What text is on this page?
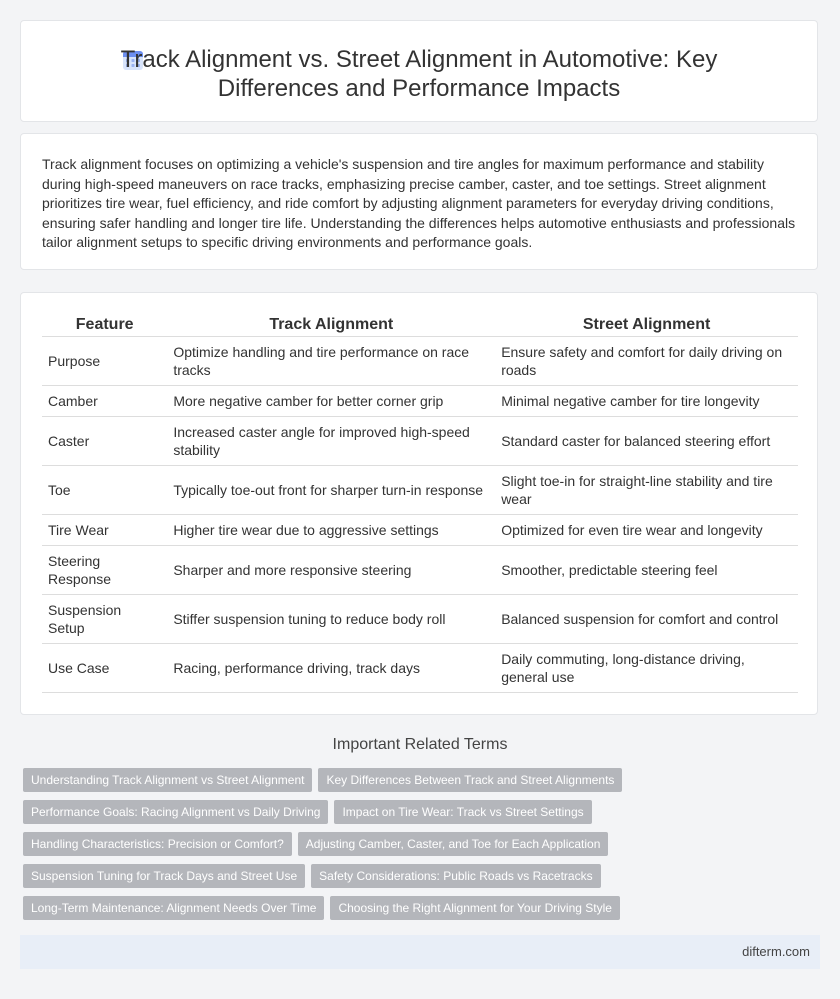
Track Alignment vs. Street Alignment in Automotive: Key Differences and Performance Impacts
Track alignment focuses on optimizing a vehicle's suspension and tire angles for maximum performance and stability during high-speed maneuvers on race tracks, emphasizing precise camber, caster, and toe settings. Street alignment prioritizes tire wear, fuel efficiency, and ride comfort by adjusting alignment parameters for everyday driving conditions, ensuring safer handling and longer tire life. Understanding the differences helps automotive enthusiasts and professionals tailor alignment setups to specific driving environments and performance goals.
Feature	Track Alignment	Street Alignment
Purpose	Optimize handling and tire performance on race tracks	Ensure safety and comfort for daily driving on roads
Camber	More negative camber for better corner grip	Minimal negative camber for tire longevity
Caster	Increased caster angle for improved high-speed stability	Standard caster for balanced steering effort
Toe	Typically toe-out front for sharper turn-in response	Slight toe-in for straight-line stability and tire wear
Tire Wear	Higher tire wear due to aggressive settings	Optimized for even tire wear and longevity
Steering Response	Sharper and more responsive steering	Smoother, predictable steering feel
Suspension Setup	Stiffer suspension tuning to reduce body roll	Balanced suspension for comfort and control
Use Case	Racing, performance driving, track days	Daily commuting, long-distance driving, general use
Important Related Terms
Understanding Track Alignment vs Street Alignment Key Differences Between Track and Street Alignments
Performance Goals: Racing Alignment vs Daily Driving Impact on Tire Wear: Track vs Street Settings
Handling Characteristics: Precision or Comfort? Adjusting Camber, Caster, and Toe for Each Application
Suspension Tuning for Track Days and Street Use Safety Considerations: Public Roads vs Racetracks
Long-Term Maintenance: Alignment Needs Over Time Choosing the Right Alignment for Your Driving Style
difterm.com
